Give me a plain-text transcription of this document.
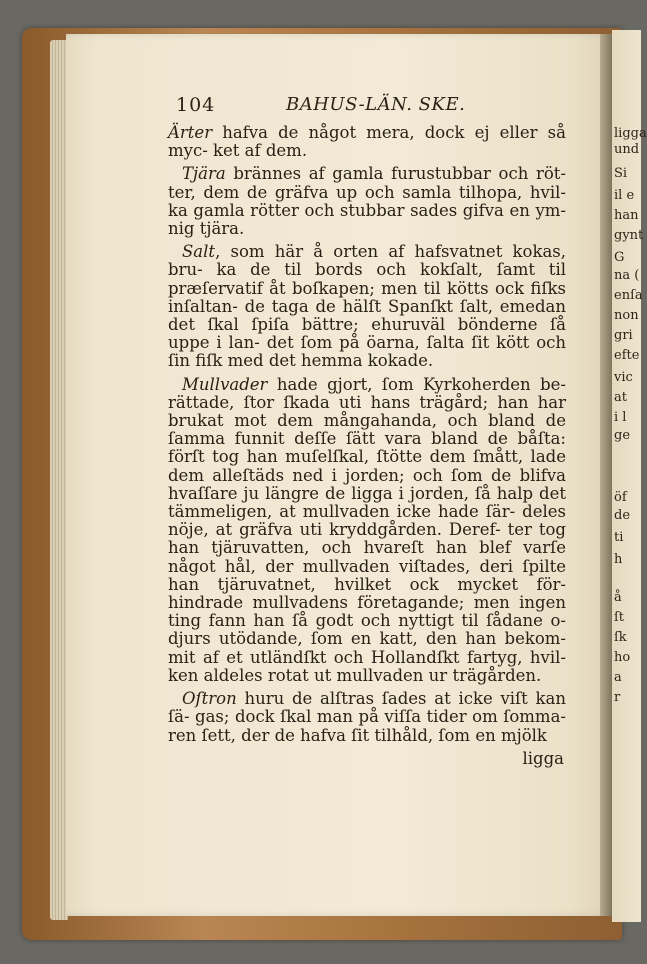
ligga
und
Si
il e
han
gynt
G
na (
enſa
non
gri
efte
vic
at
i l
ge
öf
de
ti
h
å
ſt
ſk
ho
a
r
104	BAHUS-LÄN. SKE.

Ärter hafva de något mera, dock ej eller så myc- ket af dem.

Tjära brännes af gamla furustubbar och röt- ter, dem de gräfva up och samla tilhopa, hvil- ka gamla rötter och stubbar sades gifva en ym- nig tjära.

Salt, som här å orten af hafsvatnet kokas, bru- ka de til bords och kokſalt, ſamt til præſervatif åt boſkapen; men til kötts ock fiſks inſaltan- de taga de hälſt Spanſkt ſalt, emedan det ſkal ſpiſa bättre; ehuruväl bönderne ſå uppe i lan- det ſom på öarna, ſalta ſit kött och ſin fiſk med det hemma kokade.

Mullvader hade gjort, ſom Kyrkoherden be- rättade, ſtor ſkada uti hans trägård; han har brukat mot dem mångahanda, och bland de ſamma funnit deſſe ſätt vara bland de båſta: förſt tog han muſelſkal, ſtötte dem ſmått, lade dem alleſtäds ned i jorden; och ſom de blifva hvaſſare ju längre de ligga i jorden, ſå halp det tämmeligen, at mullvaden icke hade ſär- deles nöje, at gräfva uti kryddgården. Deref- ter tog han tjäruvatten, och hvareſt han blef varſe något hål, der mullvaden viſtades, deri ſpilte han tjäruvatnet, hvilket ock mycket för- hindrade mullvadens företagande; men ingen ting fann han ſå godt och nyttigt til ſådane o- djurs utödande, ſom en katt, den han bekom- mit af et utländſkt och Hollandſkt fartyg, hvil- ken aldeles rotat ut mullvaden ur trägården.

Oſtron huru de alſtras ſades at icke viſt kan ſä- gas; dock ſkal man på viſſa tider om ſomma- ren ſett, der de hafva ſit tilhåld, ſom en mjölk

ligga
